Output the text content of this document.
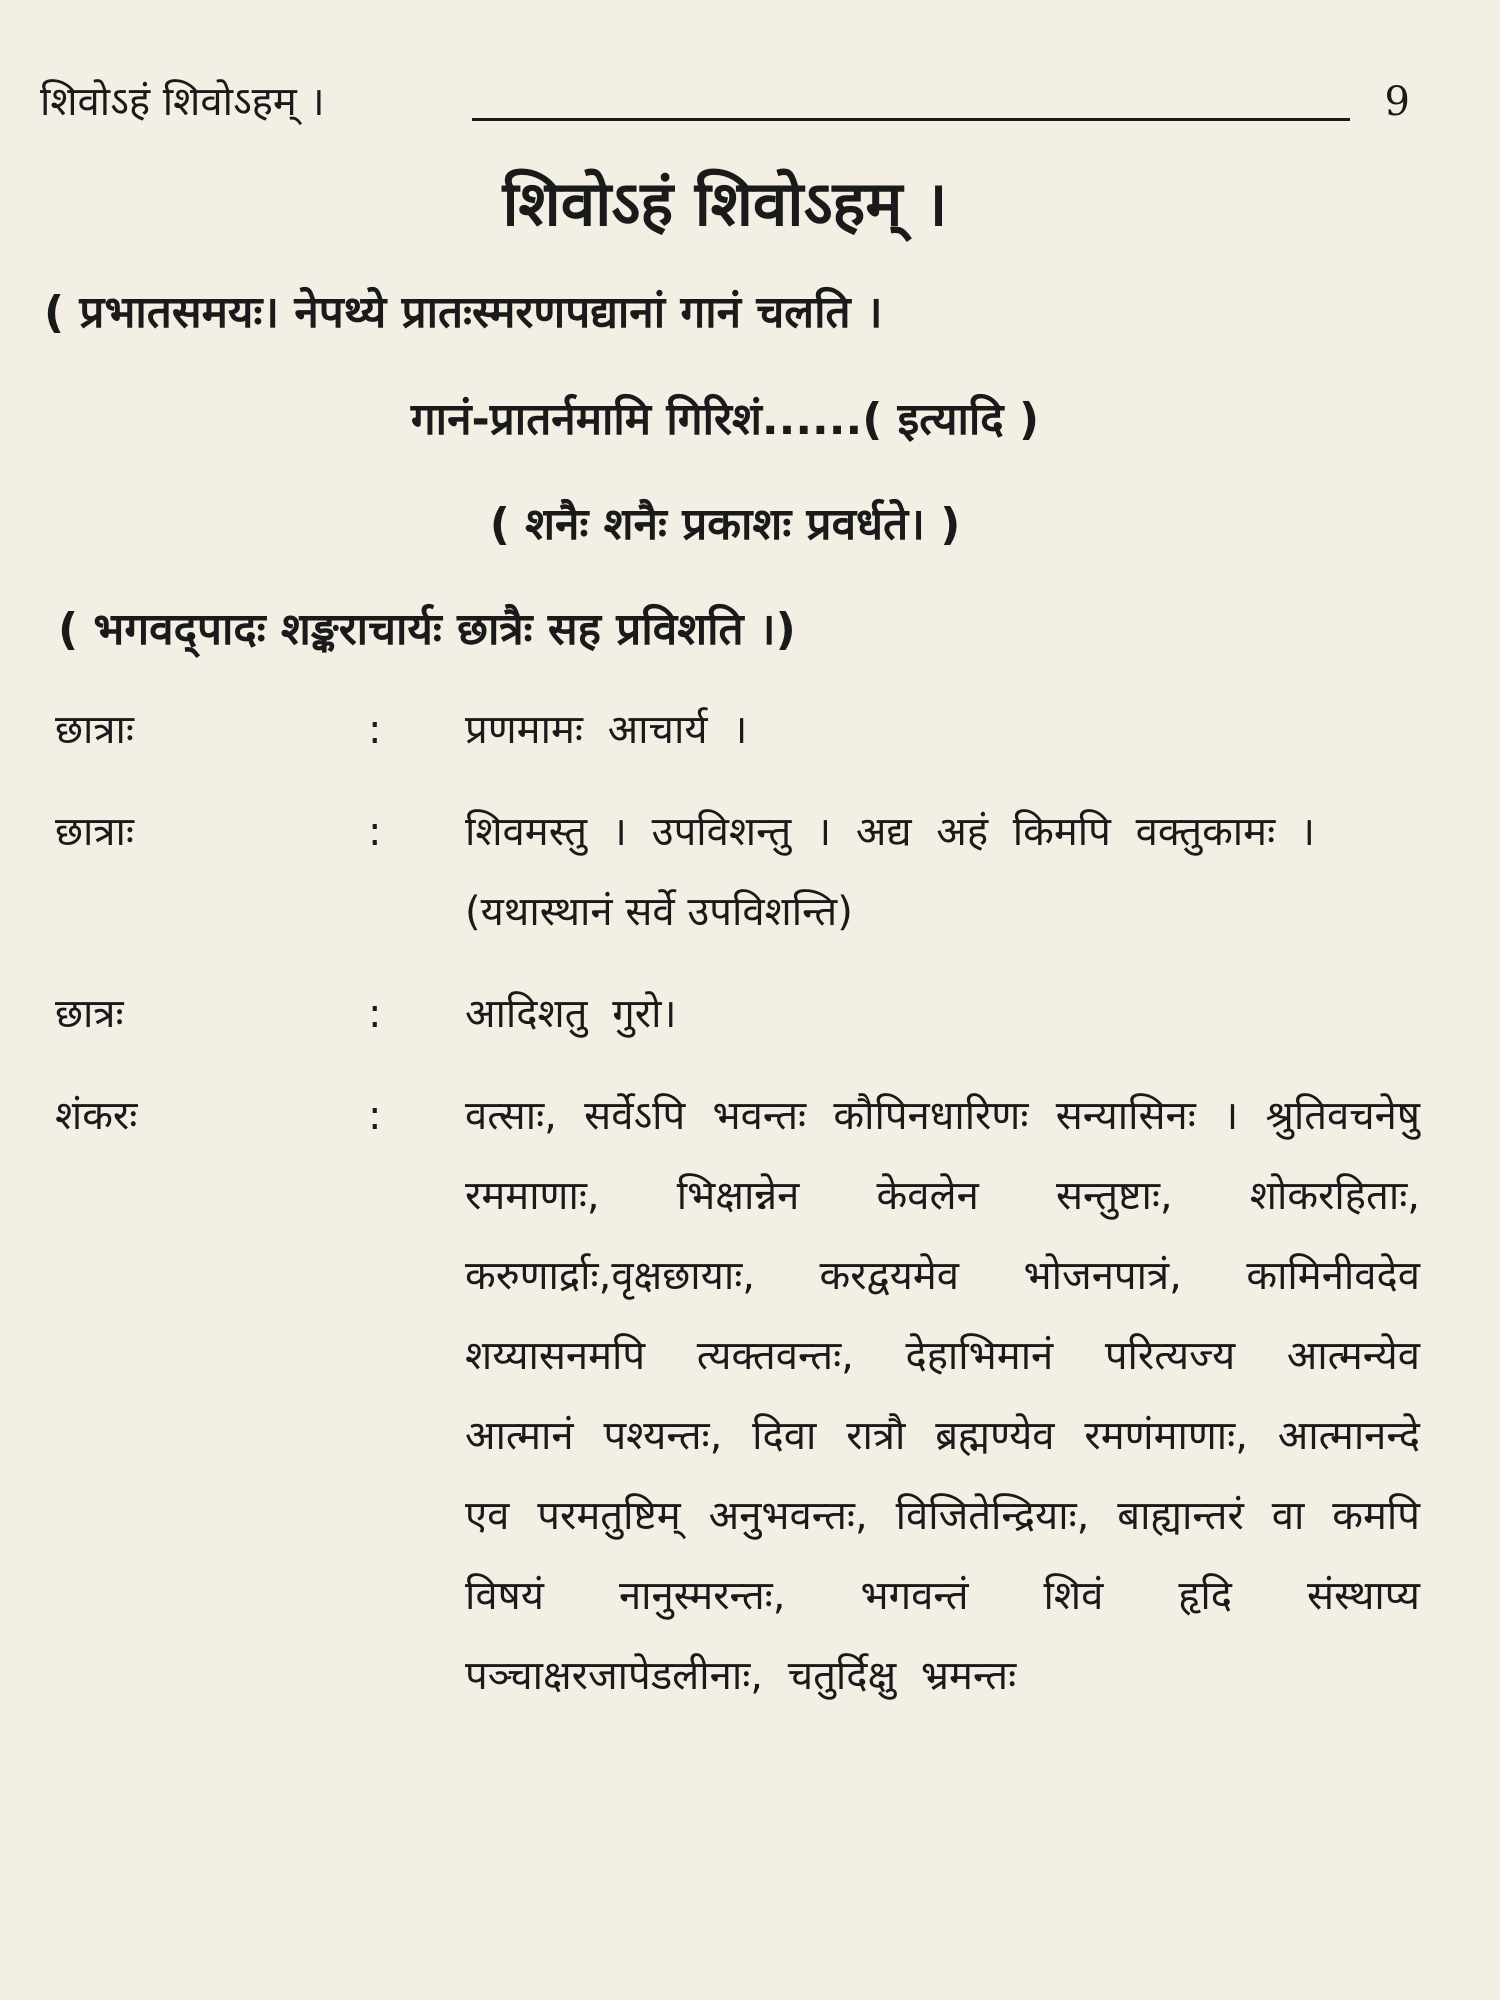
शिवोऽहं शिवोऽहम् ।	9
शिवोऽहं शिवोऽहम् ।
( प्रभातसमयः। नेपथ्ये प्रातःस्मरणपद्यानां गानं चलति ।
गानं-प्रातर्नमामि गिरिशं......( इत्यादि )
( शनैः शनैः प्रकाशः प्रवर्धते। )
( भगवद्पादः शङ्कराचार्यः छात्रैः सह प्रविशति ।)
छात्राः	: प्रणमामः आचार्य ।
छात्राः	: शिवमस्तु । उपविशन्तु । अद्य अहं किमपि वक्तुकामः ।
(यथास्थानं सर्वे उपविशन्ति)
छात्रः	: आदिशतु गुरो।
शंकरः	: वत्साः, सर्वेऽपि भवन्तः कौपिनधारिणः सन्यासिनः । श्रुतिवचनेषु रममाणाः, भिक्षान्नेन केवलेन सन्तुष्टाः, शोकरहिताः, करुणार्द्राः,वृक्षछायाः, करद्वयमेव भोजनपात्रं, कामिनीवदेव शय्यासनमपि त्यक्तवन्तः, देहाभिमानं परित्यज्य आत्मन्येव आत्मानं पश्यन्तः, दिवा रात्रौ ब्रह्मण्येव रमणंमाणाः, आत्मानन्दे एव परमतुष्टिम् अनुभवन्तः, विजितेन्द्रियाः, बाह्यान्तरं वा कमपि विषयं नानुस्मरन्तः, भगवन्तं शिवं हृदि संस्थाप्य पञ्चाक्षरजापेडलीनाः, चतुर्दिक्षु भ्रमन्तः
